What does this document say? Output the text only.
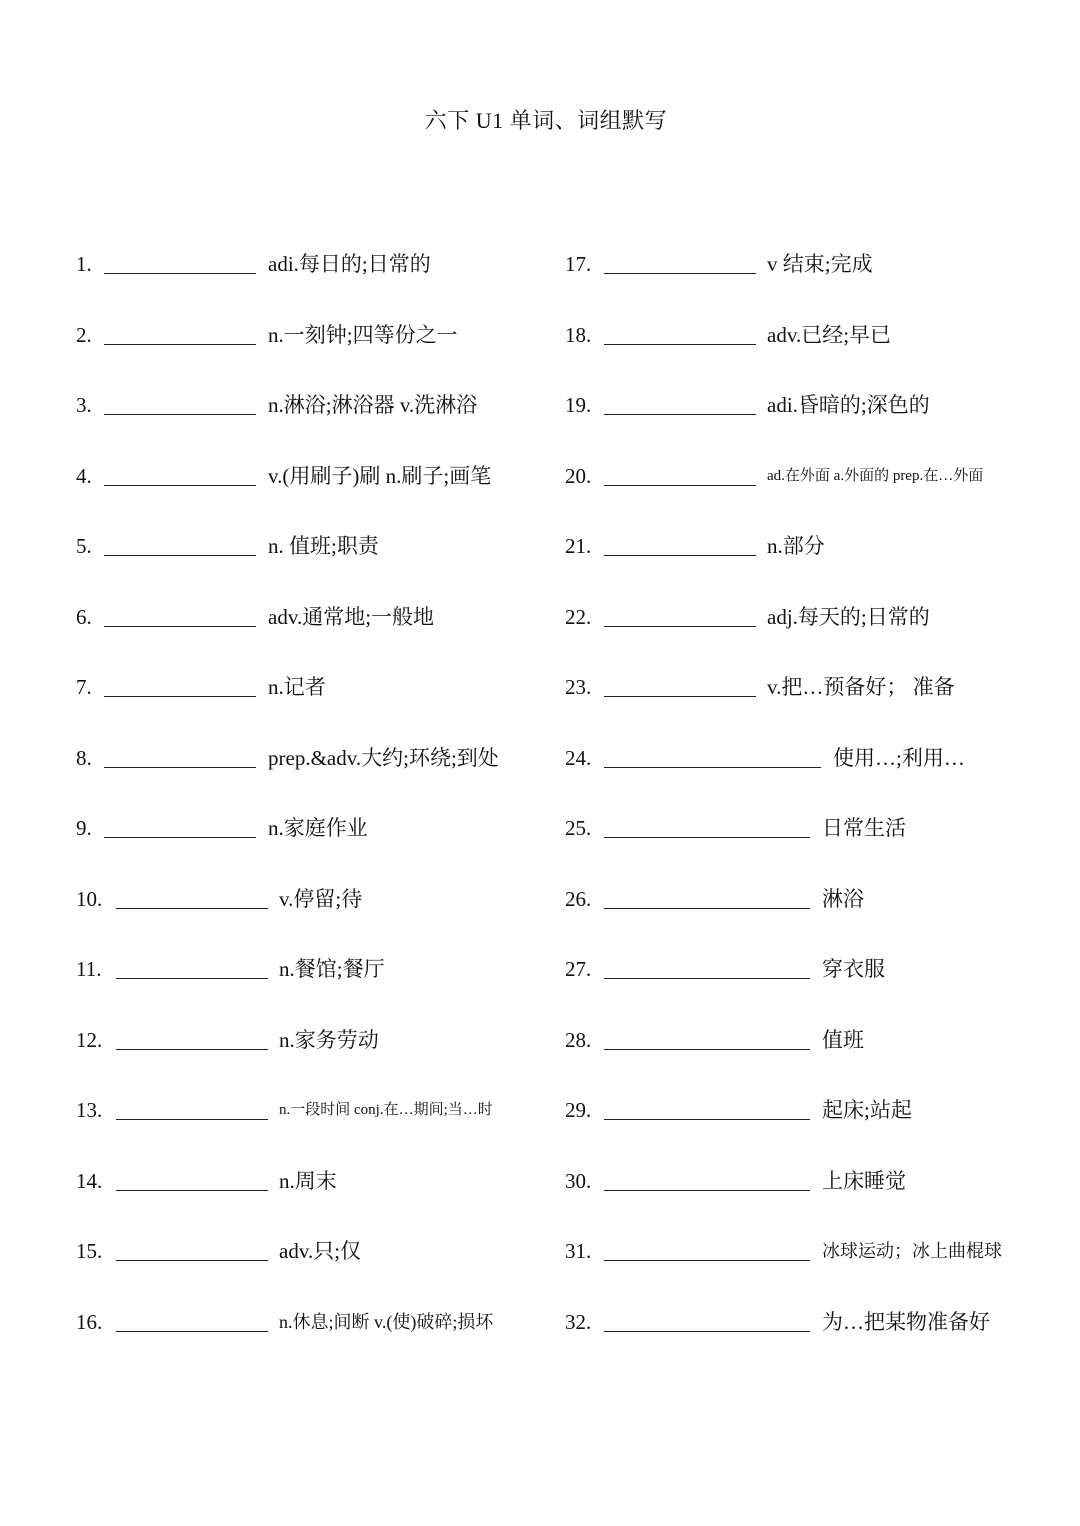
六下 U1 单词、词组默写
1.	adi.每日的;日常的
2.	n.一刻钟;四等份之一
3.	n.淋浴;淋浴器 v.洗淋浴
4.	v.(用刷子)刷 n.刷子;画笔
5.	n. 值班;职责
6.	adv.通常地;一般地
7.	n.记者
8.	prep.&adv.大约;环绕;到处
9.	n.家庭作业
10.	v.停留;待
11.	n.餐馆;餐厅
12.	n.家务劳动
13.	n.一段时间 conj.在…期间;当…时
14.	n.周末
15.	adv.只;仅
16.	n.休息;间断 v.(使)破碎;损坏
17.	v 结束;完成
18.	adv.已经;早已
19.	adi.昏暗的;深色的
20.	ad.在外面 a.外面的 prep.在…外面
21.	n.部分
22.	adj.每天的;日常的
23.	v.把…预备好； 准备
24.	使用…;利用…
25.	日常生活
26.	淋浴
27.	穿衣服
28.	值班
29.	起床;站起
30.	上床睡觉
31.	冰球运动；冰上曲棍球
32.	为…把某物准备好
